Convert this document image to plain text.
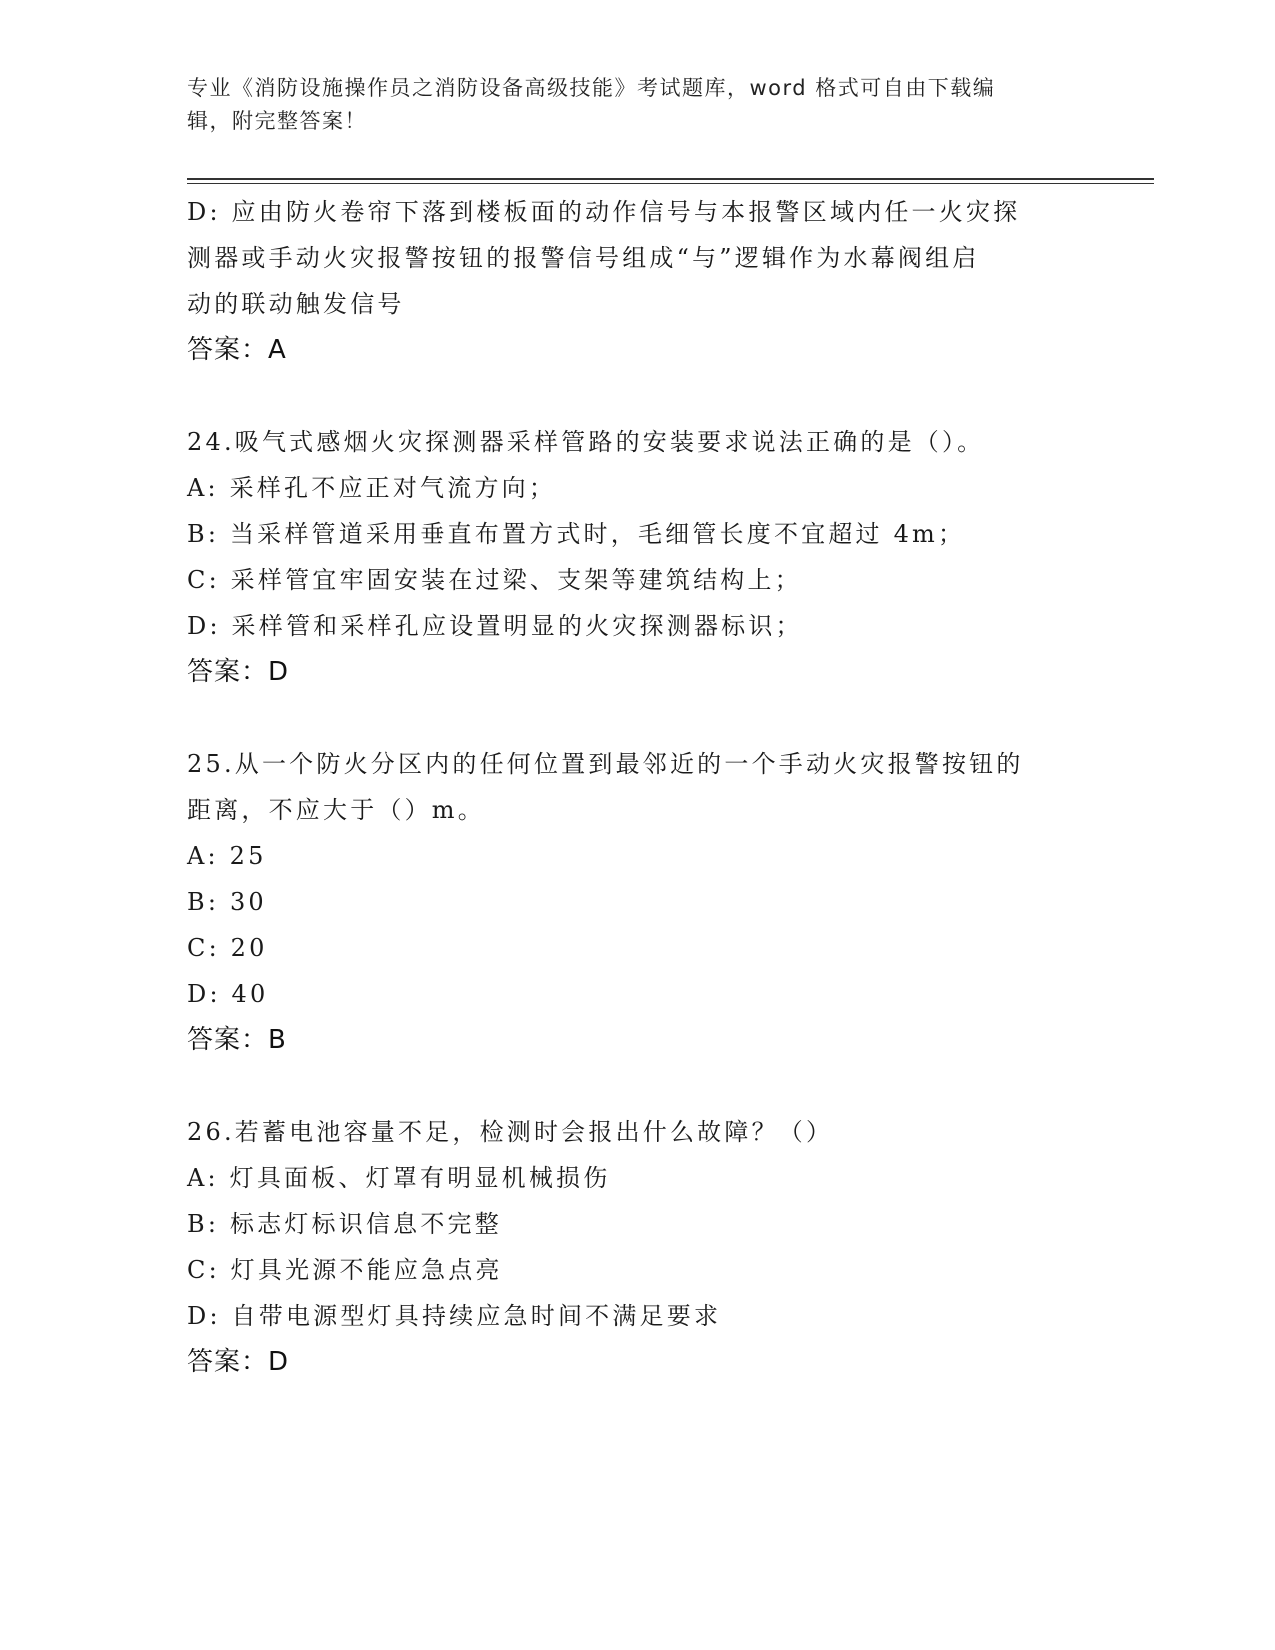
专业《消防设施操作员之消防设备高级技能》考试题库，word 格式可自由下载编
辑，附完整答案！
D: 应由防火卷帘下落到楼板面的动作信号与本报警区域内任一火灾探
测器或手动火灾报警按钮的报警信号组成“与”逻辑作为水幕阀组启
动的联动触发信号
答案：A
24.吸气式感烟火灾探测器采样管路的安装要求说法正确的是（）。
A: 采样孔不应正对气流方向；
B: 当采样管道采用垂直布置方式时，毛细管长度不宜超过 4m；
C: 采样管宜牢固安装在过梁、支架等建筑结构上；
D: 采样管和采样孔应设置明显的火灾探测器标识；
答案：D
25.从一个防火分区内的任何位置到最邻近的一个手动火灾报警按钮的
距离，不应大于（）m。
A: 25
B: 30
C: 20
D: 40
答案：B
26.若蓄电池容量不足，检测时会报出什么故障？（）
A: 灯具面板、灯罩有明显机械损伤
B: 标志灯标识信息不完整
C: 灯具光源不能应急点亮
D: 自带电源型灯具持续应急时间不满足要求
答案：D
